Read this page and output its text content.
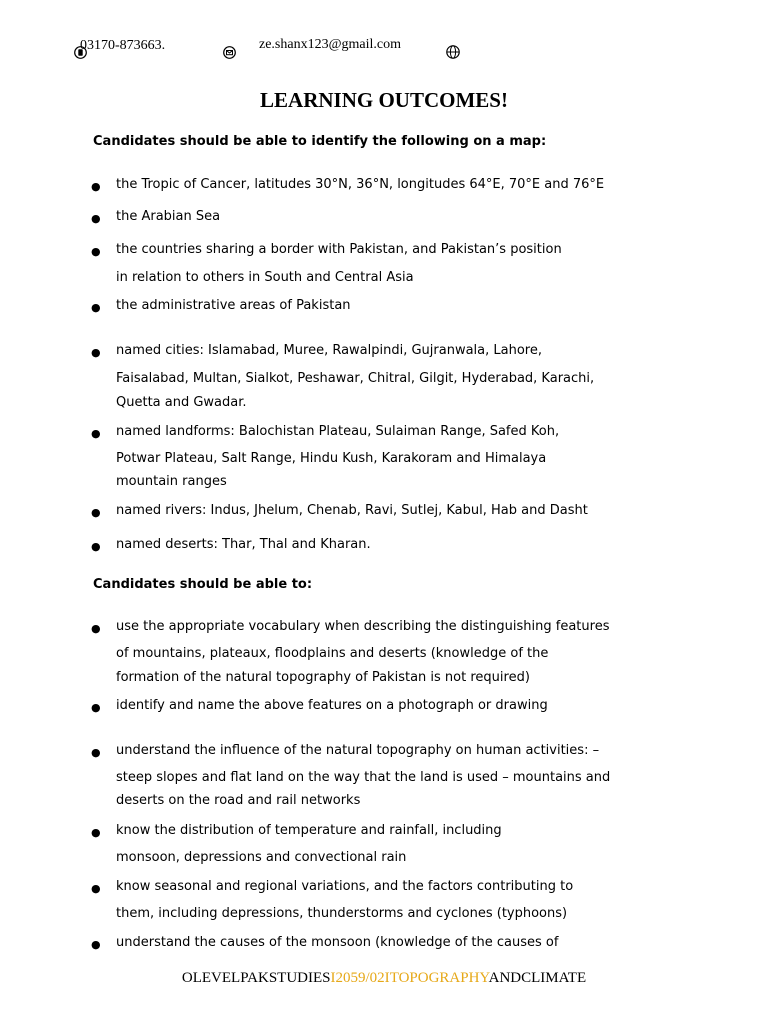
03170-873663.	ze.shanx123@gmail.com
LEARNING OUTCOMES!
Candidates should be able to identify the following on a map:
● the Tropic of Cancer, latitudes 30°N, 36°N, longitudes 64°E, 70°E and 76°E
● the Arabian Sea
● the countries sharing a border with Pakistan, and Pakistan’s position
in relation to others in South and Central Asia
● the administrative areas of Pakistan
● named cities: Islamabad, Muree, Rawalpindi, Gujranwala, Lahore,
Faisalabad, Multan, Sialkot, Peshawar, Chitral, Gilgit, Hyderabad, Karachi,
Quetta and Gwadar.
● named landforms: Balochistan Plateau, Sulaiman Range, Safed Koh,
Potwar Plateau, Salt Range, Hindu Kush, Karakoram and Himalaya
mountain ranges
● named rivers: Indus, Jhelum, Chenab, Ravi, Sutlej, Kabul, Hab and Dasht
● named deserts: Thar, Thal and Kharan.
Candidates should be able to:
● use the appropriate vocabulary when describing the distinguishing features
of mountains, plateaux, floodplains and deserts (knowledge of the
formation of the natural topography of Pakistan is not required)
● identify and name the above features on a photograph or drawing
● understand the influence of the natural topography on human activities: –
steep slopes and flat land on the way that the land is used – mountains and
deserts on the road and rail networks
● know the distribution of temperature and rainfall, including
monsoon, depressions and convectional rain
● know seasonal and regional variations, and the factors contributing to
them, including depressions, thunderstorms and cyclones (typhoons)
● understand the causes of the monsoon (knowledge of the causes of
OLEVELPAKSTUDIESI2059/02ITOPOGRAPHYANDCLIMATE
